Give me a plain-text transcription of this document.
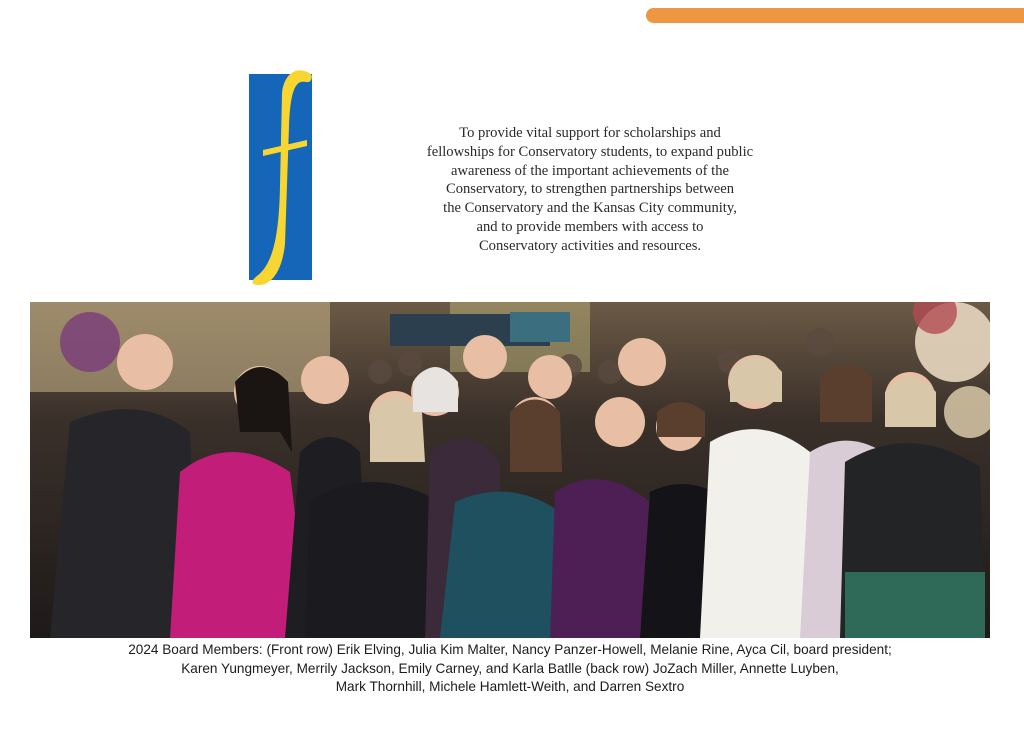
To provide vital support for scholarships and
fellowships for Conservatory students, to expand public
awareness of the important achievements of the
Conservatory, to strengthen partnerships between
the Conservatory and the Kansas City community,
and to provide members with access to
Conservatory activities and resources.
2024 Board Members: (Front row) Erik Elving, Julia Kim Malter, Nancy Panzer-Howell, Melanie Rine, Ayca Cil, board president;
Karen Yungmeyer, Merrily Jackson, Emily Carney, and Karla Batlle (back row) JoZach Miller, Annette Luyben,
Mark Thornhill, Michele Hamlett-Weith, and Darren Sextro
